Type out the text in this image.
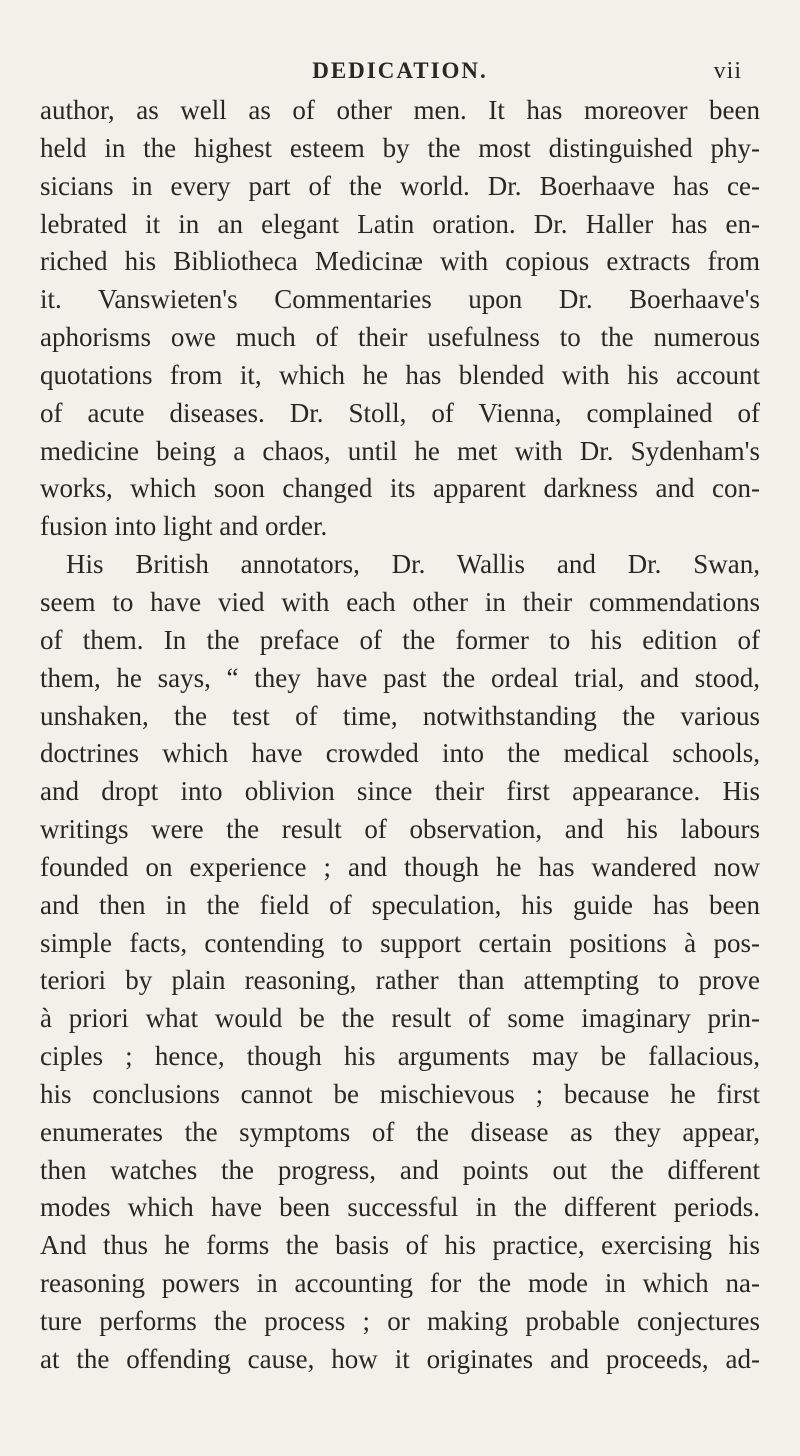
DEDICATION.	vii
author, as well as of other men. It has moreover been
held in the highest esteem by the most distinguished phy-
sicians in every part of the world. Dr. Boerhaave has ce-
lebrated it in an elegant Latin oration. Dr. Haller has en-
riched his Bibliotheca Medicinæ with copious extracts from
it. Vanswieten's Commentaries upon Dr. Boerhaave's
aphorisms owe much of their usefulness to the numerous
quotations from it, which he has blended with his account
of acute diseases. Dr. Stoll, of Vienna, complained of
medicine being a chaos, until he met with Dr. Sydenham's
works, which soon changed its apparent darkness and con-
fusion into light and order.
His British annotators, Dr. Wallis and Dr. Swan,
seem to have vied with each other in their commendations
of them. In the preface of the former to his edition of
them, he says, “ they have past the ordeal trial, and stood,
unshaken, the test of time, notwithstanding the various
doctrines which have crowded into the medical schools,
and dropt into oblivion since their first appearance. His
writings were the result of observation, and his labours
founded on experience ; and though he has wandered now
and then in the field of speculation, his guide has been
simple facts, contending to support certain positions à pos-
teriori by plain reasoning, rather than attempting to prove
à priori what would be the result of some imaginary prin-
ciples ; hence, though his arguments may be fallacious,
his conclusions cannot be mischievous ; because he first
enumerates the symptoms of the disease as they appear,
then watches the progress, and points out the different
modes which have been successful in the different periods.
And thus he forms the basis of his practice, exercising his
reasoning powers in accounting for the mode in which na-
ture performs the process ; or making probable conjectures
at the offending cause, how it originates and proceeds, ad-
